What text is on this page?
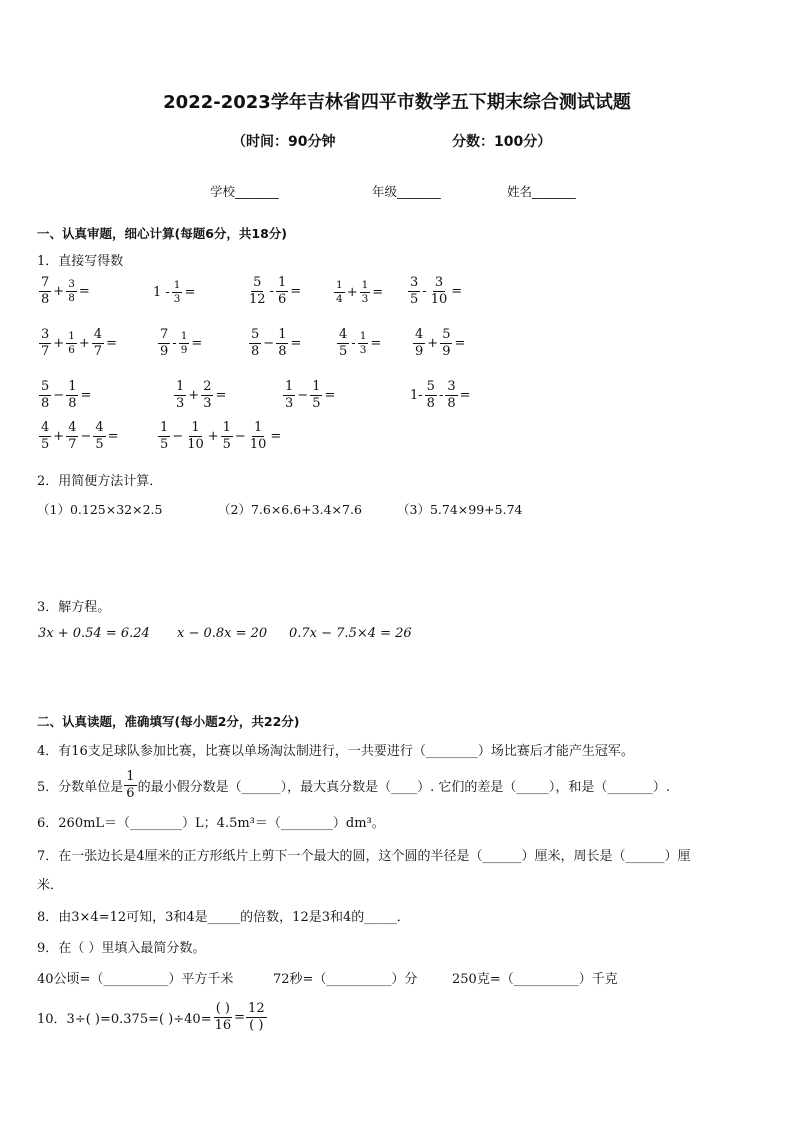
2022-2023学年吉林省四平市数学五下期末综合测试试题
（时间：90分钟	分数：100分）
学校_______	年级_______	姓名_______
一、认真审题，细心计算(每题6分，共18分)
1．直接写得数
$\frac{7}{8} + \frac{3}{8}$ =	$1 - \frac{1}{3}$ =	$\frac{5}{12} - \frac{1}{6}$ =	$\frac{1}{4} + \frac{1}{3} = \frac{3}{5} - \frac{3}{10}$ =
$\frac{3}{7} + \frac{1}{6} + \frac{4}{7}$ =	$\frac{7}{9} - \frac{1}{9}$ =	$\frac{5}{8} - \frac{1}{8}$ =	$\frac{4}{5} - \frac{1}{3} = \frac{4}{9} + \frac{5}{9}$ =
$\frac{5}{8} - \frac{1}{8}$ =	$\frac{1}{3} + \frac{2}{3}$ =	$\frac{1}{3} - \frac{1}{5}$ =	$1- \frac{5}{8} - \frac{3}{8}$ =
$\frac{4}{5} + \frac{4}{7} - \frac{4}{5}$ =	$\frac{1}{5} - \frac{1}{10} + \frac{1}{5} - \frac{1}{10}$ =
2．用简便方法计算．
（1）0.125×32×2.5	（2）7.6×6.6+3.4×7.6	（3）5.74×99+5.74
3．解方程。
3x + 0.54 = 6.24 x − 0.8x = 20 0.7x − 7.5×4 = 26
二、认真读题，准确填写(每小题2分，共22分)
4．有16支足球队参加比赛，比赛以单场淘汰制进行，一共要进行（________）场比赛后才能产生冠军。
5．分数单位是 $\frac{1}{6}$ 的最小假分数是（______），最大真分数是（____）. 它们的差是（_____），和是（_______）.
6．260mL＝（________）L；4.5m³＝（________）dm³。
7．在一张边长是4厘米的正方形纸片上剪下一个最大的圆，这个圆的半径是（______）厘米，周长是（______）厘
米．
8．由3×4=12可知，3和4是_____的倍数，12是3和4的_____．
9．在（ ）里填入最简分数。
40公顷=（__________）平方千米	72秒=（__________）分	250克=（__________）千克
10．3÷( )=0.375=( )$\div 40= \frac{( )}{16} = \frac{12}{( )}$
